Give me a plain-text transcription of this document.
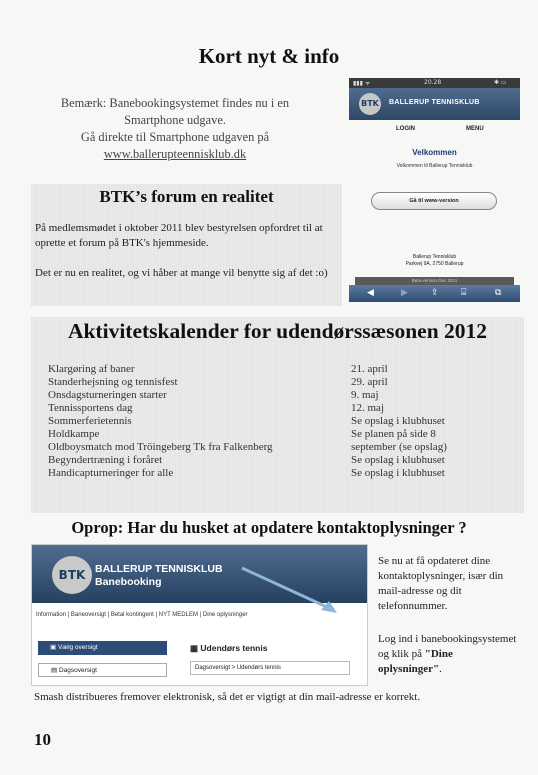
Kort nyt & info
Bemærk: Banebookingsystemet findes nu i en
Smartphone udgave.
Gå direkte til Smartphone udgaven på
www.ballerupteennisklub.dk
▮▮▮ ᯤ	20.28	✱ ▭
BTK	BALLERUP TENNISKLUB
LOGIN	MENU
Velkommen
Velkommen til Ballerup Tennisklub
Gå til www-version
Ballerup Tennisklub
Parkvej 9A, 2750 Ballerup
Beta-version Dec 2011
◀	▶	⇪ ⌸	⧉
BTK’s forum en realitet
På medlemsmødet i oktober 2011 blev bestyrelsen opfordret til at oprette et forum på BTK's hjemmeside.
Det er nu en realitet, og vi håber at mange vil benytte sig af det :o)
Aktivitetskalender for udendørssæsonen 2012
Klargøring af baner	21. april
Standerhejsning og tennisfest	29. april
Onsdagsturneringen starter	9. maj
Tennissportens dag	12. maj
Sommerferietennis	Se opslag i klubhuset
Holdkampe	Se planen på side 8
Oldboysmatch mod Tröingeberg Tk fra Falkenberg	september (se opslag)
Begyndertræning i foråret	Se opslag i klubhuset
Handicapturneringer for alle	Se opslag i klubhuset
Oprop: Har du husket at opdatere kontaktoplysninger ?
BTK BALLERUP TENNISKLUB
Banebooking
Information | Baneoversigt | Betal kontingent | NYT MEDLEM | Dine oplysninger
▣ Vælg oversigt
▤ Dagsoversigt
▦ Udendørs tennis
Dagsoversigt > Udendørs tennis
Se nu at få opdateret dine kontaktoplysninger, især din mail-adresse og dit telefonnummer.
Log ind i banebookingsystemet og klik på "Dine oplysninger".
Smash distribueres fremover elektronisk, så det er vigtigt at din mail-adresse er korrekt.
10
